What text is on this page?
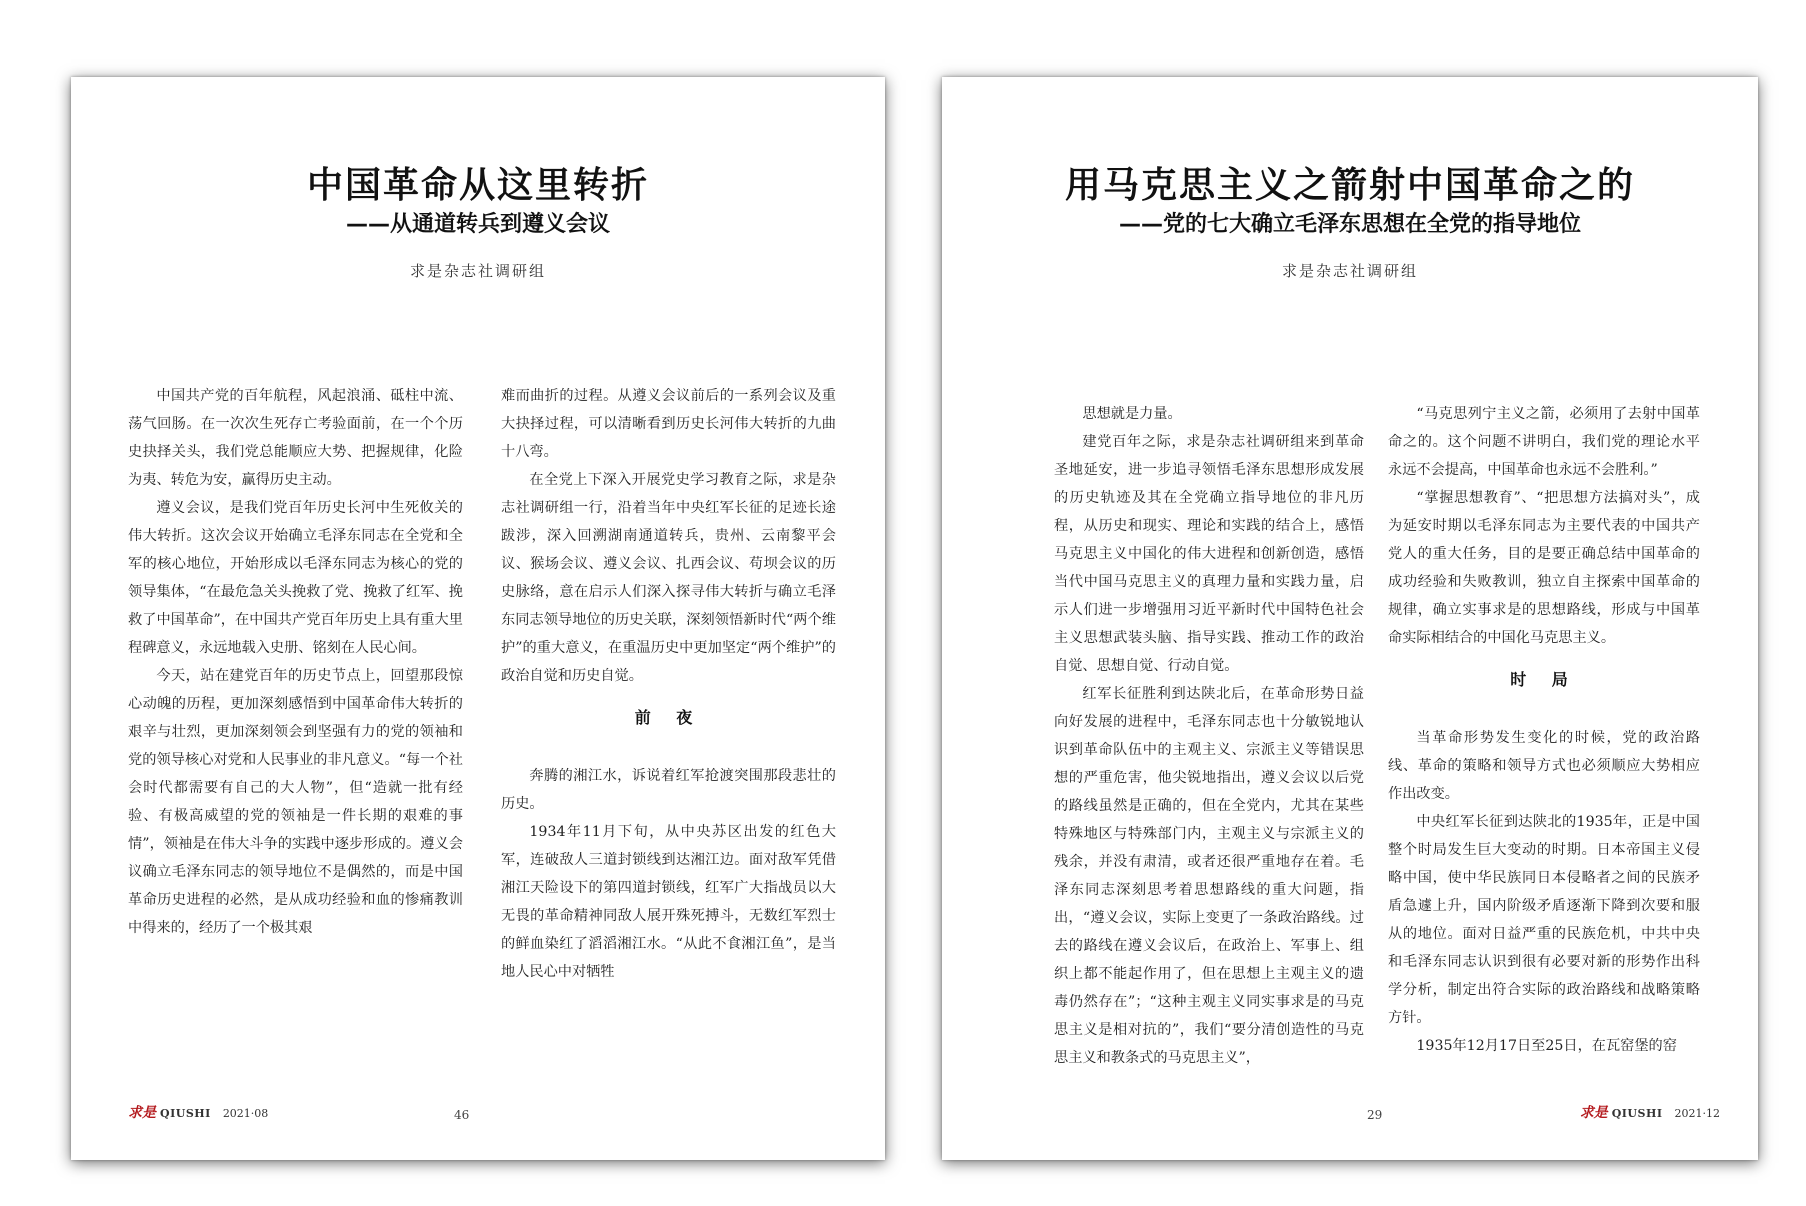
中国革命从这里转折
——从通道转兵到遵义会议
求是杂志社调研组

中国共产党的百年航程，风起浪涌、砥柱中流、荡气回肠。在一次次生死存亡考验面前，在一个个历史抉择关头，我们党总能顺应大势、把握规律，化险为夷、转危为安，赢得历史主动。

遵义会议，是我们党百年历史长河中生死攸关的伟大转折。这次会议开始确立毛泽东同志在全党和全军的核心地位，开始形成以毛泽东同志为核心的党的领导集体，“在最危急关头挽救了党、挽救了红军、挽救了中国革命”，在中国共产党百年历史上具有重大里程碑意义，永远地载入史册、铭刻在人民心间。

今天，站在建党百年的历史节点上，回望那段惊心动魄的历程，更加深刻感悟到中国革命伟大转折的艰辛与壮烈，更加深刻领会到坚强有力的党的领袖和党的领导核心对党和人民事业的非凡意义。“每一个社会时代都需要有自己的大人物”，但“造就一批有经验、有极高威望的党的领袖是一件长期的艰难的事情”，领袖是在伟大斗争的实践中逐步形成的。遵义会议确立毛泽东同志的领导地位不是偶然的，而是中国革命历史进程的必然，是从成功经验和血的惨痛教训中得来的，经历了一个极其艰

难而曲折的过程。从遵义会议前后的一系列会议及重大抉择过程，可以清晰看到历史长河伟大转折的九曲十八弯。

在全党上下深入开展党史学习教育之际，求是杂志社调研组一行，沿着当年中央红军长征的足迹长途跋涉，深入回溯湖南通道转兵，贵州、云南黎平会议、猴场会议、遵义会议、扎西会议、苟坝会议的历史脉络，意在启示人们深入探寻伟大转折与确立毛泽东同志领导地位的历史关联，深刻领悟新时代“两个维护”的重大意义，在重温历史中更加坚定“两个维护”的政治自觉和历史自觉。

前 夜

奔腾的湘江水，诉说着红军抢渡突围那段悲壮的历史。

1934年11月下旬，从中央苏区出发的红色大军，连破敌人三道封锁线到达湘江边。面对敌军凭借湘江天险设下的第四道封锁线，红军广大指战员以大无畏的革命精神同敌人展开殊死搏斗，无数红军烈士的鲜血染红了滔滔湘江水。“从此不食湘江鱼”，是当地人民心中对牺牲

求是 QIUSHI 2021·08	46
用马克思主义之箭射中国革命之的
——党的七大确立毛泽东思想在全党的指导地位
求是杂志社调研组

思想就是力量。

建党百年之际，求是杂志社调研组来到革命圣地延安，进一步追寻领悟毛泽东思想形成发展的历史轨迹及其在全党确立指导地位的非凡历程，从历史和现实、理论和实践的结合上，感悟马克思主义中国化的伟大进程和创新创造，感悟当代中国马克思主义的真理力量和实践力量，启示人们进一步增强用习近平新时代中国特色社会主义思想武装头脑、指导实践、推动工作的政治自觉、思想自觉、行动自觉。

红军长征胜利到达陕北后，在革命形势日益向好发展的进程中，毛泽东同志也十分敏锐地认识到革命队伍中的主观主义、宗派主义等错误思想的严重危害，他尖锐地指出，遵义会议以后党的路线虽然是正确的，但在全党内，尤其在某些特殊地区与特殊部门内，主观主义与宗派主义的残余，并没有肃清，或者还很严重地存在着。毛泽东同志深刻思考着思想路线的重大问题，指出，“遵义会议，实际上变更了一条政治路线。过去的路线在遵义会议后，在政治上、军事上、组织上都不能起作用了，但在思想上主观主义的遗毒仍然存在”；“这种主观主义同实事求是的马克思主义是相对抗的”，我们“要分清创造性的马克思主义和教条式的马克思主义”，

“马克思列宁主义之箭，必须用了去射中国革命之的。这个问题不讲明白，我们党的理论水平永远不会提高，中国革命也永远不会胜利。”

“掌握思想教育”、“把思想方法搞对头”，成为延安时期以毛泽东同志为主要代表的中国共产党人的重大任务，目的是要正确总结中国革命的成功经验和失败教训，独立自主探索中国革命的规律，确立实事求是的思想路线，形成与中国革命实际相结合的中国化马克思主义。

时 局

当革命形势发生变化的时候，党的政治路线、革命的策略和领导方式也必须顺应大势相应作出改变。

中央红军长征到达陕北的1935年，正是中国整个时局发生巨大变动的时期。日本帝国主义侵略中国，使中华民族同日本侵略者之间的民族矛盾急遽上升，国内阶级矛盾逐渐下降到次要和服从的地位。面对日益严重的民族危机，中共中央和毛泽东同志认识到很有必要对新的形势作出科学分析，制定出符合实际的政治路线和战略策略方针。

1935年12月17日至25日，在瓦窑堡的窑

29	求是 QIUSHI 2021·12
